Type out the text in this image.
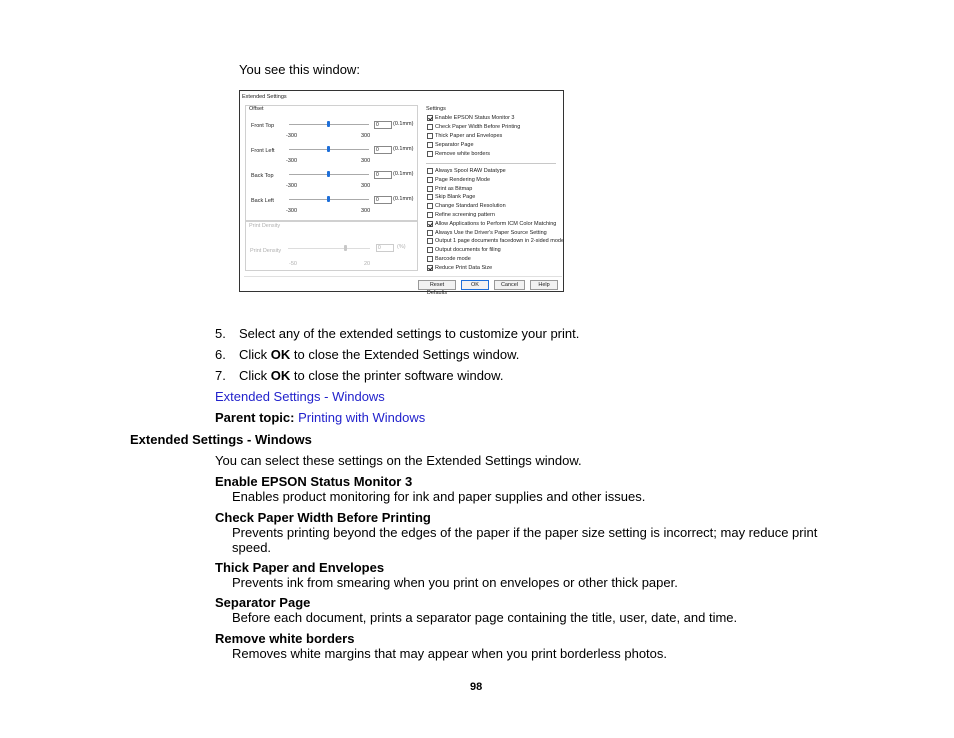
You see this window:
Extended Settings
Offset
Front Top	0	(0.1mm)
-300	300
Front Left	0	(0.1mm)
-300	300
Back Top	0	(0.1mm)
-300	300
Back Left	0	(0.1mm)
-300	300
Print Density
Print Density	0	(%)
-50	20
Settings
Enable EPSON Status Monitor 3
Check Paper Width Before Printing
Thick Paper and Envelopes
Separator Page
Remove white borders
Always Spool RAW Datatype
Page Rendering Mode
Print as Bitmap
Skip Blank Page
Change Standard Resolution
Refine screening pattern
Allow Applications to Perform ICM Color Matching
Always Use the Driver's Paper Source Setting
Output 1 page documents facedown in 2-sided mode
Output documents for filing
Barcode mode
Reduce Print Data Size
Reset Defaults
OK	Cancel	Help
5. Select any of the extended settings to customize your print.
6. Click OK to close the Extended Settings window.
7. Click OK to close the printer software window.
Extended Settings - Windows
Parent topic: Printing with Windows
Extended Settings - Windows
You can select these settings on the Extended Settings window.
Enable EPSON Status Monitor 3
Enables product monitoring for ink and paper supplies and other issues.
Check Paper Width Before Printing
Prevents printing beyond the edges of the paper if the paper size setting is incorrect; may reduce print
speed.
Thick Paper and Envelopes
Prevents ink from smearing when you print on envelopes or other thick paper.
Separator Page
Before each document, prints a separator page containing the title, user, date, and time.
Remove white borders
Removes white margins that may appear when you print borderless photos.
98
